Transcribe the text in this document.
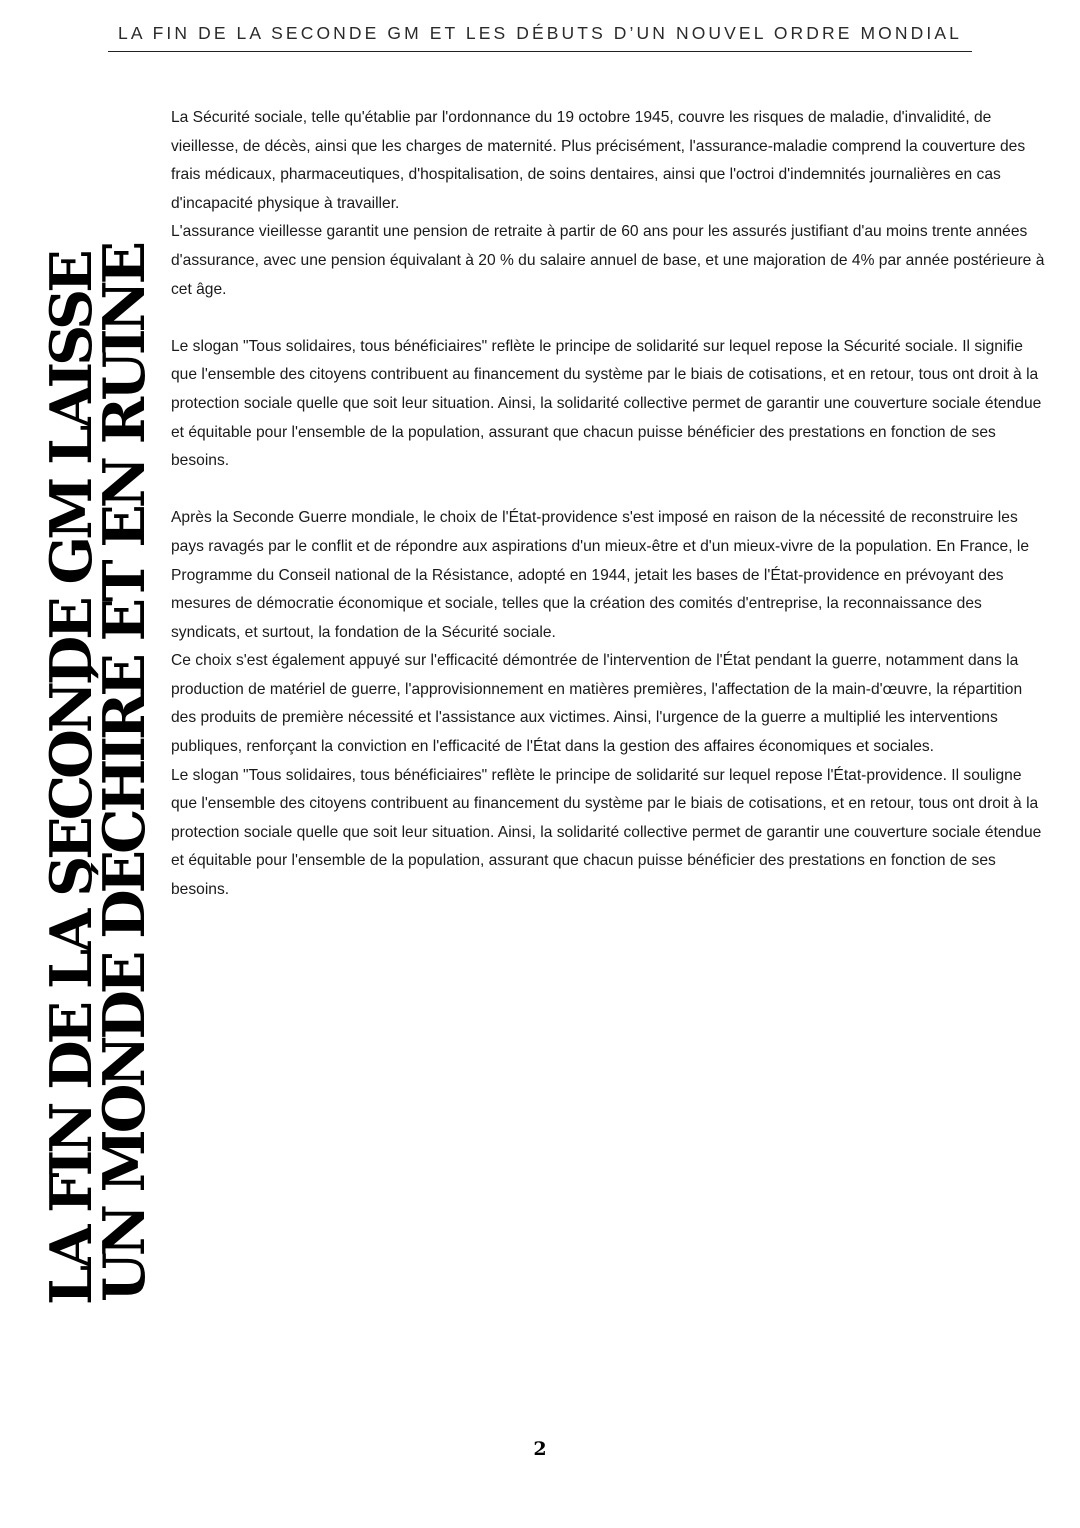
LA FIN DE LA SECONDE GM ET LES DÉBUTS D’UN NOUVEL ORDRE MONDIAL
LA FIN DE LA SECONDE GM LAISSE
UN MONDE DÉCHIRÉ ET EN RUINE

La Sécurité sociale, telle qu'établie par l'ordonnance du 19 octobre 1945, couvre les risques de maladie, d'invalidité, de vieillesse, de décès, ainsi que les charges de maternité. Plus précisément, l'assurance-maladie comprend la couverture des frais médicaux, pharmaceutiques, d'hospitalisation, de soins dentaires, ainsi que l'octroi d'indemnités journalières en cas d'incapacité physique à travailler.

L'assurance vieillesse garantit une pension de retraite à partir de 60 ans pour les assurés justifiant d'au moins trente années d'assurance, avec une pension équivalant à 20 % du salaire annuel de base, et une majoration de 4% par année postérieure à cet âge.

Le slogan "Tous solidaires, tous bénéficiaires" reflète le principe de solidarité sur lequel repose la Sécurité sociale. Il signifie que l'ensemble des citoyens contribuent au financement du système par le biais de cotisations, et en retour, tous ont droit à la protection sociale quelle que soit leur situation. Ainsi, la solidarité collective permet de garantir une couverture sociale étendue et équitable pour l'ensemble de la population, assurant que chacun puisse bénéficier des prestations en fonction de ses besoins.

Après la Seconde Guerre mondiale, le choix de l'État-providence s'est imposé en raison de la nécessité de reconstruire les pays ravagés par le conflit et de répondre aux aspirations d'un mieux-être et d'un mieux-vivre de la population. En France, le Programme du Conseil national de la Résistance, adopté en 1944, jetait les bases de l'État-providence en prévoyant des mesures de démocratie économique et sociale, telles que la création des comités d'entreprise, la reconnaissance des syndicats, et surtout, la fondation de la Sécurité sociale.

Ce choix s'est également appuyé sur l'efficacité démontrée de l'intervention de l'État pendant la guerre, notamment dans la production de matériel de guerre, l'approvisionnement en matières premières, l'affectation de la main-d'œuvre, la répartition des produits de première nécessité et l'assistance aux victimes. Ainsi, l'urgence de la guerre a multiplié les interventions publiques, renforçant la conviction en l'efficacité de l'État dans la gestion des affaires économiques et sociales.

Le slogan "Tous solidaires, tous bénéficiaires" reflète le principe de solidarité sur lequel repose l'État-providence. Il souligne que l'ensemble des citoyens contribuent au financement du système par le biais de cotisations, et en retour, tous ont droit à la protection sociale quelle que soit leur situation. Ainsi, la solidarité collective permet de garantir une couverture sociale étendue et équitable pour l'ensemble de la population, assurant que chacun puisse bénéficier des prestations en fonction de ses besoins.

2
